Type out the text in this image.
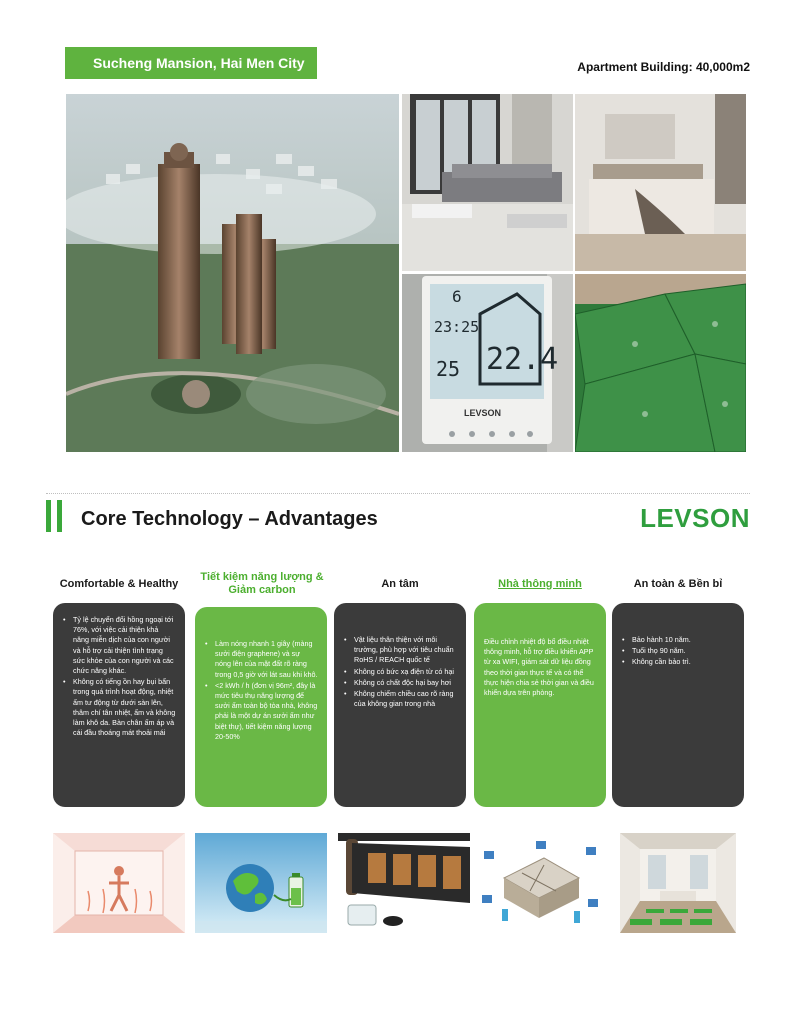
Sucheng Mansion, Hai Men City	Apartment Building: 40,000m2
6
23:25
25 22.4
LEVSON
Core Technology – Advantages	LEVSON
Comfortable & Healthy
Tiết kiệm năng lượng & Giảm carbon
An tâm	Nhà thông minh	An toàn & Bền bỉ
• Tỷ lệ chuyển đổi hồng ngoại tới 76%, với việc cải thiện khả năng miễn dịch của con người và hỗ trợ cải thiện tình trạng sức khỏe của con người và các chức năng khác.
• Không có tiếng ồn hay bụi bẩn trong quá trình hoạt động, nhiệt ấm tư động từ dưới sàn lên, thâm chí tân nhiệt, ấm và không làm khô da. Bàn chân ấm áp và cái đầu thoáng mát thoải mái
• Làm nóng nhanh 1 giây (màng sưởi điện graphene) và sự nóng lên của mặt đất rõ ràng trong 0,5 giờ với lát sau khi khô.
• <2 kWh / h (đơn vị 96m², đây là mức tiêu thụ năng lượng để sưởi ấm toàn bộ tòa nhà, không phải là một dự án sưởi ấm như biệt thự), tiết kiệm năng lượng 20-50%
• Vật liệu thân thiện với môi trường, phù hợp với tiêu chuẩn RoHS / REACH quốc tế
• Không có bức xạ điện từ có hại
• Không có chất độc hại bay hơi
• Không chiếm chiều cao rõ ràng của không gian trong nhà
Điều chỉnh nhiệt độ bổ điều nhiệt thông minh, hỗ trợ điều khiển APP từ xa WIFI, giám sát dữ liệu đồng theo thời gian thực tế và có thể thực hiện chia sẻ thời gian và điều khiển dựa trên phòng.
• Bảo hành 10 năm.
• Tuổi thọ 90 năm.
• Không cần bảo trì.
